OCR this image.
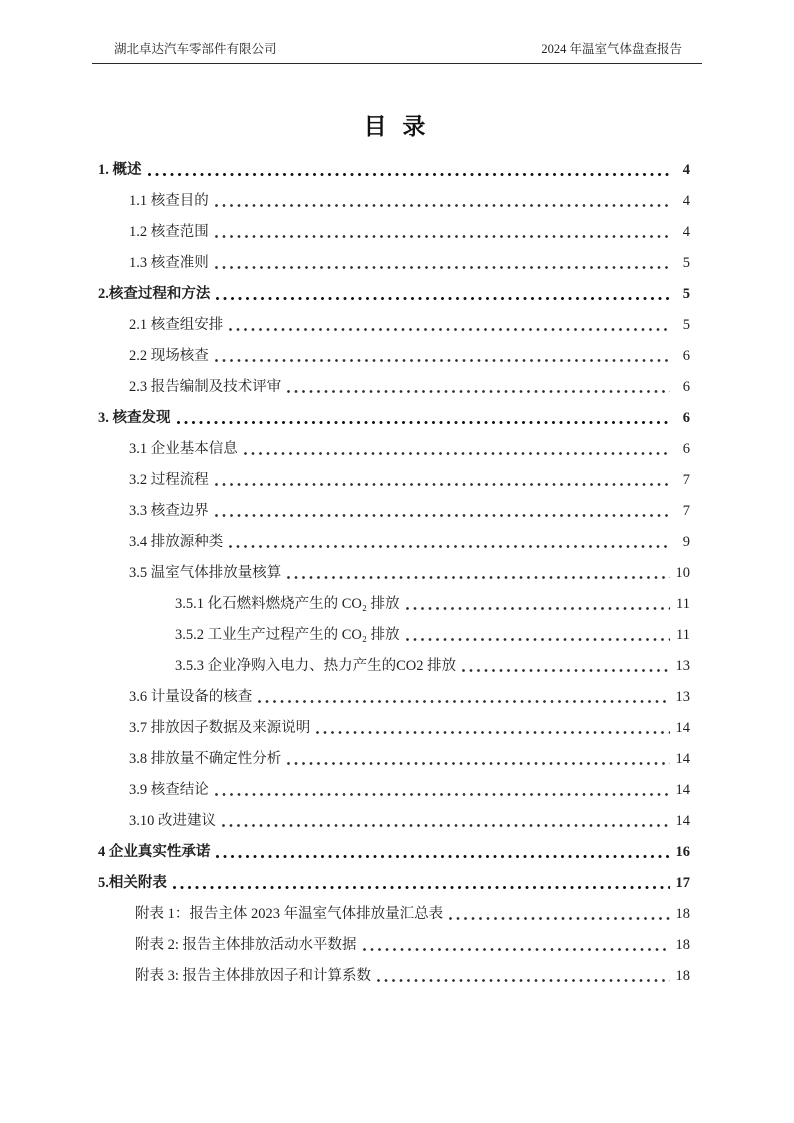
湖北卓达汽车零部件有限公司	2024 年温室气体盘查报告
目 录
1. 概述	4
1.1 核查目的	4
1.2 核查范围	4
1.3 核查准则	5
2.核查过程和方法	5
2.1 核查组安排	5
2.2 现场核查	6
2.3 报告编制及技术评审	6
3. 核查发现	6
3.1 企业基本信息	6
3.2 过程流程	7
3.3 核查边界	7
3.4 排放源种类	9
3.5 温室气体排放量核算	10
3.5.1 化石燃料燃烧产生的 CO₂ 排放	11
3.5.2 工业生产过程产生的 CO₂ 排放	11
3.5.3 企业净购入电力、热力产生的CO2 排放	13
3.6 计量设备的核查	13
3.7 排放因子数据及来源说明	14
3.8 排放量不确定性分析	14
3.9 核查结论	14
3.10 改进建议	14
4 企业真实性承诺	16
5.相关附表	17
附表 1：报告主体 2023 年温室气体排放量汇总表	18
附表 2: 报告主体排放活动水平数据	18
附表 3: 报告主体排放因子和计算系数	18
